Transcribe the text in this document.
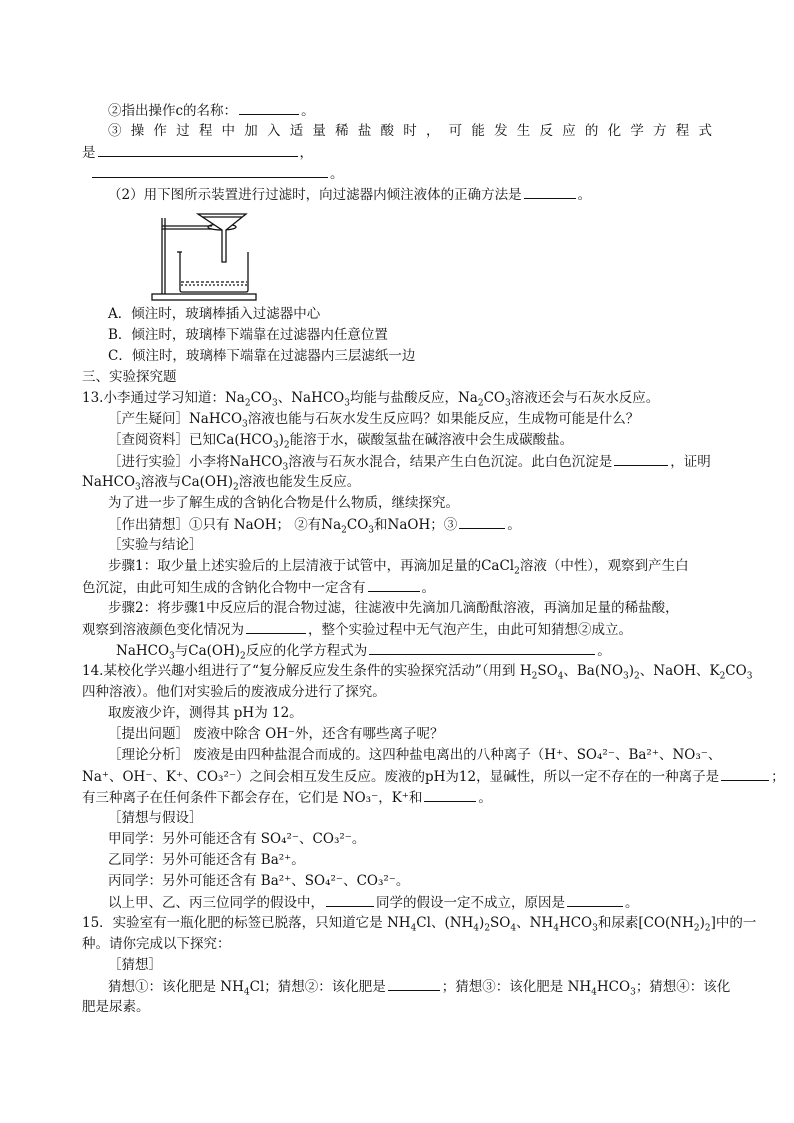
②指出操作c的名称：	。
③ 操 作 过 程 中 加 入 适 量 稀 盐 酸 时 ， 可 能 发 生 反 应 的 化 学 方 程 式
是	，
。
（2）用下图所示装置进行过滤时，向过滤器内倾注液体的正确方法是	。
A．倾注时，玻璃棒插入过滤器中心
B．倾注时，玻璃棒下端靠在过滤器内任意位置
C．倾注时，玻璃棒下端靠在过滤器内三层滤纸一边
三、实验探究题
13.小李通过学习知道：$Na_2CO_3$、NaHCO$_3$均能与盐酸反应，$Na_2CO_3$溶液还会与石灰水反应。
［产生疑问］NaHCO$_3$溶液也能与石灰水发生反应吗？如果能反应，生成物可能是什么？
［查阅资料］已知$Ca(HCO_3)_2$能溶于水，碳酸氢盐在碱溶液中会生成碳酸盐。
［进行实验］小李将NaHCO$_3$溶液与石灰水混合，结果产生白色沉淀。此白色沉淀是	，证明
NaHCO$_3$溶液与$Ca(OH)_2$溶液也能发生反应。
为了进一步了解生成的含钠化合物是什么物质，继续探究。
［作出猜想］①只有 NaOH； ②有$Na_2CO_3$和NaOH；③	。
［实验与结论］
步骤1：取少量上述实验后的上层清液于试管中，再滴加足量的CaCl$_2$溶液（中性），观察到产生白
色沉淀，由此可知生成的含钠化合物中一定含有	。
步骤2：将步骤1中反应后的混合物过滤，往滤液中先滴加几滴酚酞溶液，再滴加足量的稀盐酸，
观察到溶液颜色变化情况为	，整个实验过程中无气泡产生，由此可知猜想②成立。
NaHCO$_3$与$Ca(OH)_2$反应的化学方程式为	。
14.某校化学兴趣小组进行了“复分解反应发生条件的实验探究活动”（用到 $H_2SO_4$、$Ba(NO_3)_2$、NaOH、$K_2CO_3$
四种溶液）。他们对实验后的废液成分进行了探究。
取废液少许，测得其 pH为 12。
［提出问题］ 废液中除含 OH⁻外，还含有哪些离子呢？
［理论分析］ 废液是由四种盐混合而成的。这四种盐电离出的八种离子（H⁺、SO₄²⁻、Ba²⁺、NO₃⁻、
Na⁺、OH⁻、K⁺、CO₃²⁻）之间会相互发生反应。废液的pH为12，显碱性，所以一定不存在的一种离子是	；
有三种离子在任何条件下都会存在，它们是 NO₃⁻，K⁺和	。
［猜想与假设］
甲同学：另外可能还含有 SO₄²⁻、CO₃²⁻。
乙同学：另外可能还含有 Ba²⁺。
丙同学：另外可能还含有 Ba²⁺、SO₄²⁻、CO₃²⁻。
以上甲、乙、丙三位同学的假设中，	同学的假设一定不成立，原因是	。
15．实验室有一瓶化肥的标签已脱落，只知道它是 $NH_4Cl$、$(NH_4)_2SO_4$、$NH_4HCO_3$和尿素$[CO(NH_2)_2]$中的一
种。请你完成以下探究：
［猜想］
猜想①：该化肥是 $NH_4Cl$；猜想②：该化肥是	；猜想③：该化肥是 $NH_4HCO_3$；猜想④：该化
肥是尿素。
